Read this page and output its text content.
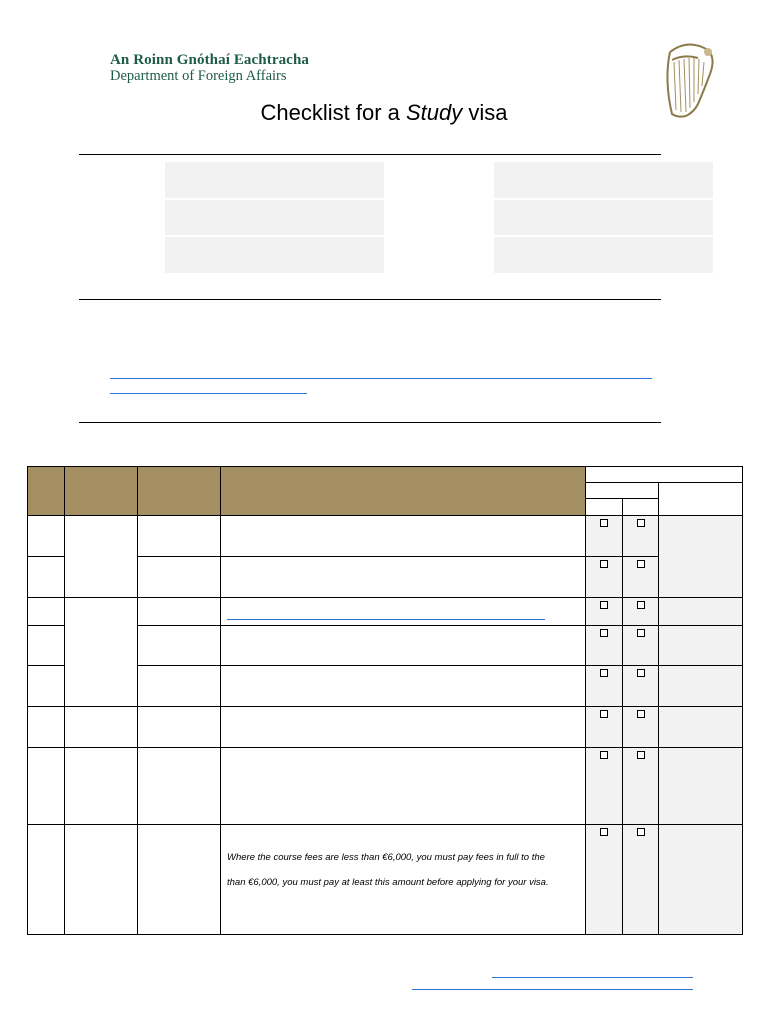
An Roinn Gnóthaí Eachtracha
Department of Foreign Affairs
Checklist for a Study visa

			Where the course fees are less than €6,000, you must pay fees in full to the
than €6,000, you must pay at least this amount before applying for your visa.			
